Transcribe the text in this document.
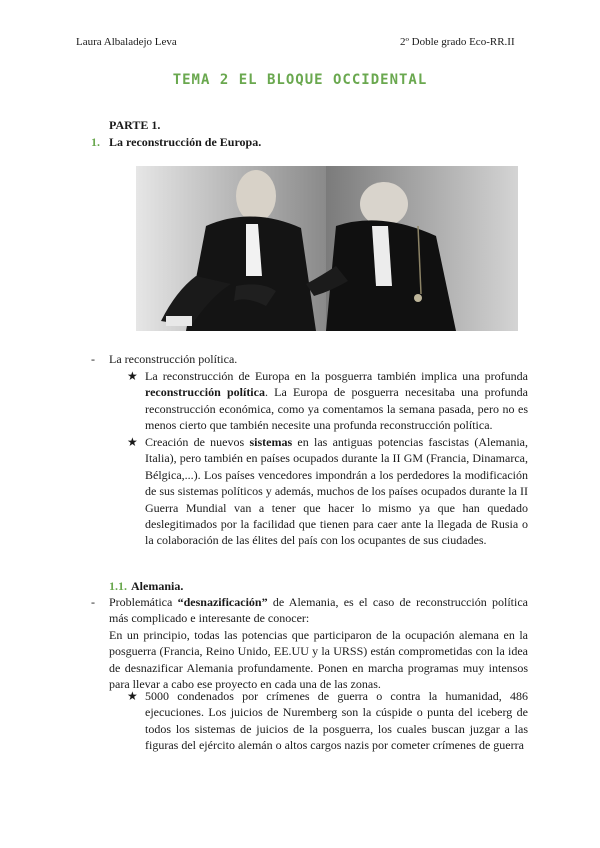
Laura Albaladejo Leva	2º Doble grado Eco-RR.II
TEMA 2 EL BLOQUE OCCIDENTAL
PARTE 1.
1. La reconstrucción de Europa.
- La reconstrucción política.
★ La reconstrucción de Europa en la posguerra también implica una profunda reconstrucción política. La Europa de posguerra necesitaba una profunda reconstrucción económica, como ya comentamos la semana pasada, pero no es menos cierto que también necesite una profunda reconstrucción política.
★ Creación de nuevos sistemas en las antiguas potencias fascistas (Alemania, Italia), pero también en países ocupados durante la II GM (Francia, Dinamarca, Bélgica,...). Los países vencedores impondrán a los perdedores la modificación de sus sistemas políticos y además, muchos de los países ocupados durante la II Guerra Mundial van a tener que hacer lo mismo ya que han quedado deslegitimados por la facilidad que tienen para caer ante la llegada de Rusia o la colaboración de las élites del país con los ocupantes de sus ciudades.
1.1. Alemania.
- Problemática “desnazificación” de Alemania, es el caso de reconstrucción política más complicado e interesante de conocer:
En un principio, todas las potencias que participaron de la ocupación alemana en la posguerra (Francia, Reino Unido, EE.UU y la URSS) están comprometidas con la idea de desnazificar Alemania profundamente. Ponen en marcha programas muy intensos para llevar a cabo ese proyecto en cada una de las zonas.
★ 5000 condenados por crímenes de guerra o contra la humanidad, 486 ejecuciones. Los juicios de Nuremberg son la cúspide o punta del iceberg de todos los sistemas de juicios de la posguerra, los cuales buscan juzgar a las figuras del ejército alemán o altos cargos nazis por cometer crímenes de guerra
